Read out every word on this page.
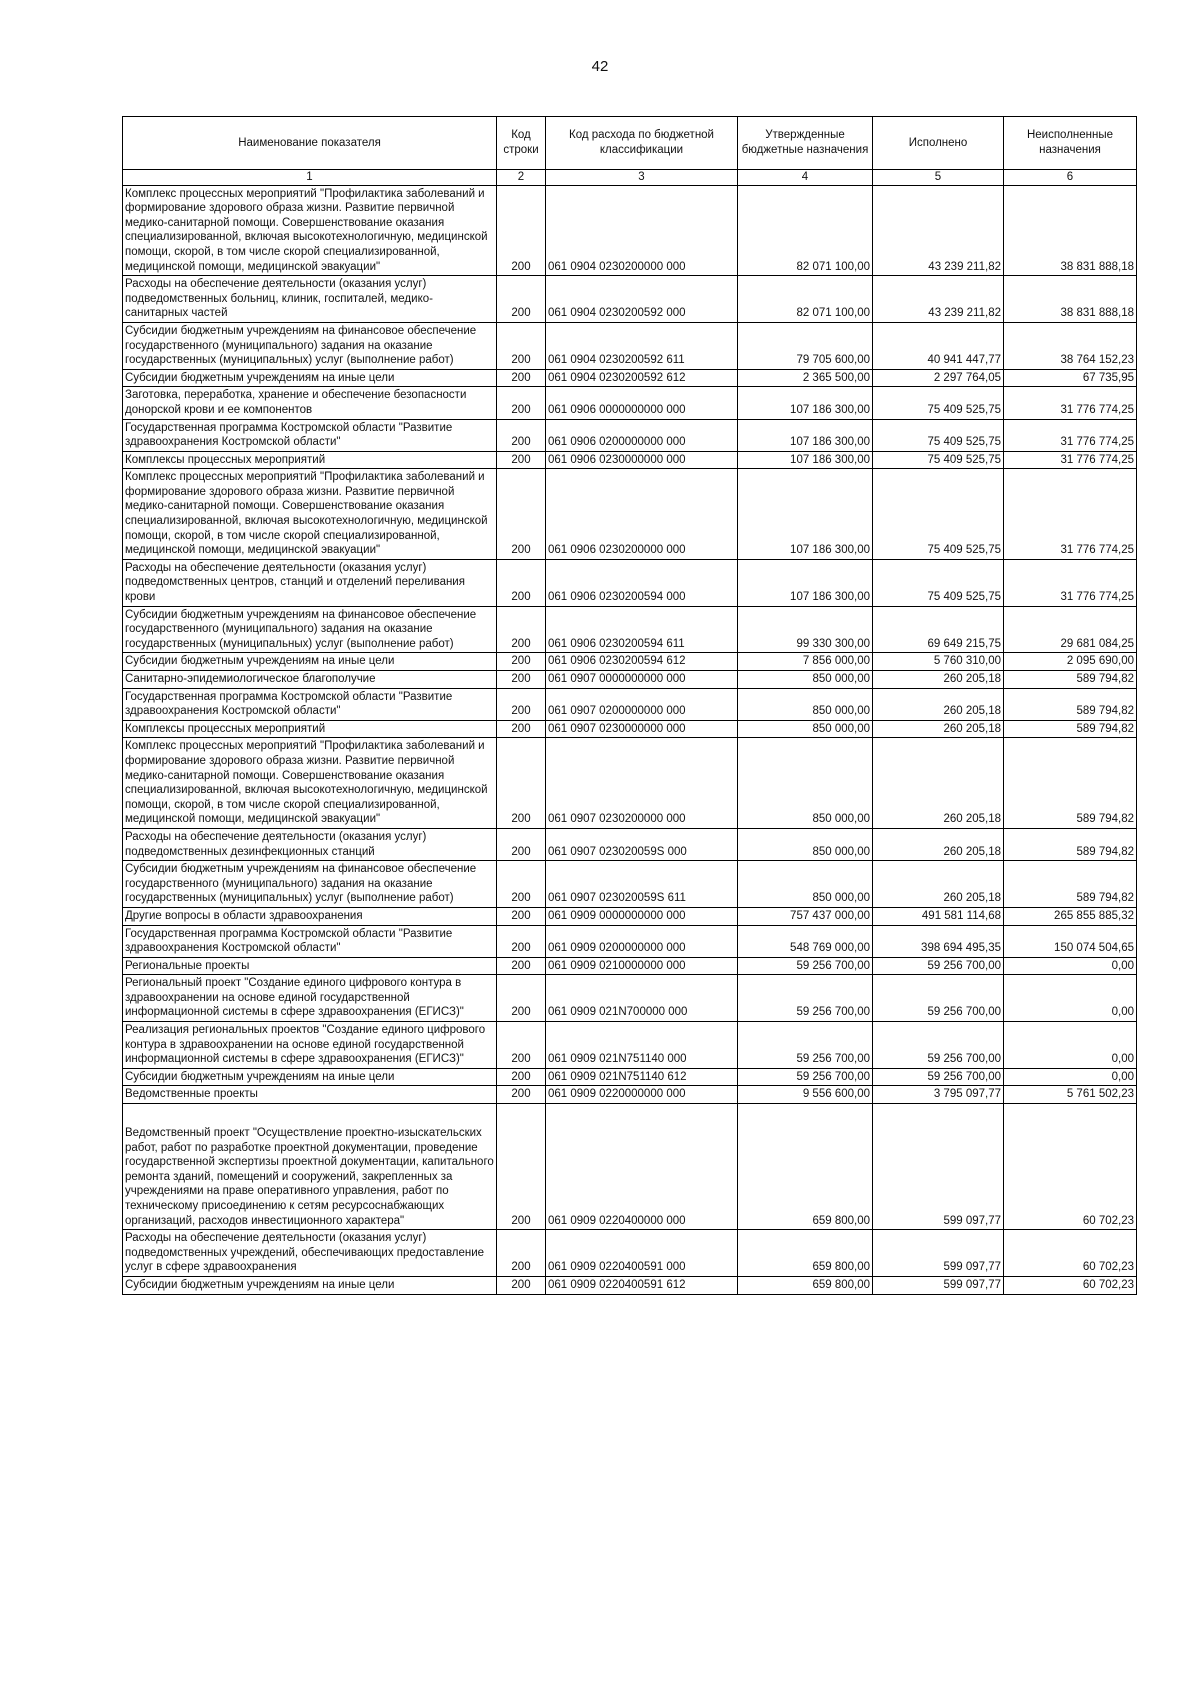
42
Наименование показателя	Код строки	Код расхода по бюджетной классификации	Утвержденные бюджетные назначения	Исполнено	Неисполненные назначения
1	2	3	4	5	6
Комплекс процессных мероприятий "Профилактика заболеваний и формирование здорового образа жизни. Развитие первичной медико-санитарной помощи. Совершенствование оказания специализированной, включая высокотехнологичную, медицинской помощи, скорой, в том числе скорой специализированной, медицинской помощи, медицинской эвакуации"	200	061 0904 0230200000 000	82 071 100,00	43 239 211,82	38 831 888,18
Расходы на обеспечение деятельности (оказания услуг) подведомственных больниц, клиник, госпиталей, медико-санитарных частей	200	061 0904 0230200592 000	82 071 100,00	43 239 211,82	38 831 888,18
Субсидии бюджетным учреждениям на финансовое обеспечение государственного (муниципального) задания на оказание государственных (муниципальных) услуг (выполнение работ)	200	061 0904 0230200592 611	79 705 600,00	40 941 447,77	38 764 152,23
Субсидии бюджетным учреждениям на иные цели	200	061 0904 0230200592 612	2 365 500,00	2 297 764,05	67 735,95
Заготовка, переработка, хранение и обеспечение безопасности донорской крови и ее компонентов	200	061 0906 0000000000 000	107 186 300,00	75 409 525,75	31 776 774,25
Государственная программа Костромской области "Развитие здравоохранения Костромской области"	200	061 0906 0200000000 000	107 186 300,00	75 409 525,75	31 776 774,25
Комплексы процессных мероприятий	200	061 0906 0230000000 000	107 186 300,00	75 409 525,75	31 776 774,25
Комплекс процессных мероприятий "Профилактика заболеваний и формирование здорового образа жизни. Развитие первичной медико-санитарной помощи. Совершенствование оказания специализированной, включая высокотехнологичную, медицинской помощи, скорой, в том числе скорой специализированной, медицинской помощи, медицинской эвакуации"	200	061 0906 0230200000 000	107 186 300,00	75 409 525,75	31 776 774,25
Расходы на обеспечение деятельности (оказания услуг) подведомственных центров, станций и отделений переливания крови	200	061 0906 0230200594 000	107 186 300,00	75 409 525,75	31 776 774,25
Субсидии бюджетным учреждениям на финансовое обеспечение государственного (муниципального) задания на оказание государственных (муниципальных) услуг (выполнение работ)	200	061 0906 0230200594 611	99 330 300,00	69 649 215,75	29 681 084,25
Субсидии бюджетным учреждениям на иные цели	200	061 0906 0230200594 612	7 856 000,00	5 760 310,00	2 095 690,00
Санитарно-эпидемиологическое благополучие	200	061 0907 0000000000 000	850 000,00	260 205,18	589 794,82
Государственная программа Костромской области "Развитие здравоохранения Костромской области"	200	061 0907 0200000000 000	850 000,00	260 205,18	589 794,82
Комплексы процессных мероприятий	200	061 0907 0230000000 000	850 000,00	260 205,18	589 794,82
Комплекс процессных мероприятий "Профилактика заболеваний и формирование здорового образа жизни. Развитие первичной медико-санитарной помощи. Совершенствование оказания специализированной, включая высокотехнологичную, медицинской помощи, скорой, в том числе скорой специализированной, медицинской помощи, медицинской эвакуации"	200	061 0907 0230200000 000	850 000,00	260 205,18	589 794,82
Расходы на обеспечение деятельности (оказания услуг) подведомственных дезинфекционных станций	200	061 0907 023020059S 000	850 000,00	260 205,18	589 794,82
Субсидии бюджетным учреждениям на финансовое обеспечение государственного (муниципального) задания на оказание государственных (муниципальных) услуг (выполнение работ)	200	061 0907 023020059S 611	850 000,00	260 205,18	589 794,82
Другие вопросы в области здравоохранения	200	061 0909 0000000000 000	757 437 000,00	491 581 114,68	265 855 885,32
Государственная программа Костромской области "Развитие здравоохранения Костромской области"	200	061 0909 0200000000 000	548 769 000,00	398 694 495,35	150 074 504,65
Региональные проекты	200	061 0909 0210000000 000	59 256 700,00	59 256 700,00	0,00
Региональный проект "Создание единого цифрового контура в здравоохранении на основе единой государственной информационной системы в сфере здравоохранения (ЕГИСЗ)"	200	061 0909 021N700000 000	59 256 700,00	59 256 700,00	0,00
Реализация региональных проектов "Создание единого цифрового контура в здравоохранении на основе единой государственной информационной системы в сфере здравоохранения (ЕГИСЗ)"	200	061 0909 021N751140 000	59 256 700,00	59 256 700,00	0,00
Субсидии бюджетным учреждениям на иные цели	200	061 0909 021N751140 612	59 256 700,00	59 256 700,00	0,00
Ведомственные проекты	200	061 0909 0220000000 000	9 556 600,00	3 795 097,77	5 761 502,23
Ведомственный проект "Осуществление проектно-изыскательских работ, работ по разработке проектной документации, проведение государственной экспертизы проектной документации, капитального ремонта зданий, помещений и сооружений, закрепленных за учреждениями на праве оперативного управления, работ по техническому присоединению к сетям ресурсоснабжающих организаций, расходов инвестиционного характера"	200	061 0909 0220400000 000	659 800,00	599 097,77	60 702,23
Расходы на обеспечение деятельности (оказания услуг) подведомственных учреждений, обеспечивающих предоставление услуг в сфере здравоохранения	200	061 0909 0220400591 000	659 800,00	599 097,77	60 702,23
Субсидии бюджетным учреждениям на иные цели	200	061 0909 0220400591 612	659 800,00	599 097,77	60 702,23
